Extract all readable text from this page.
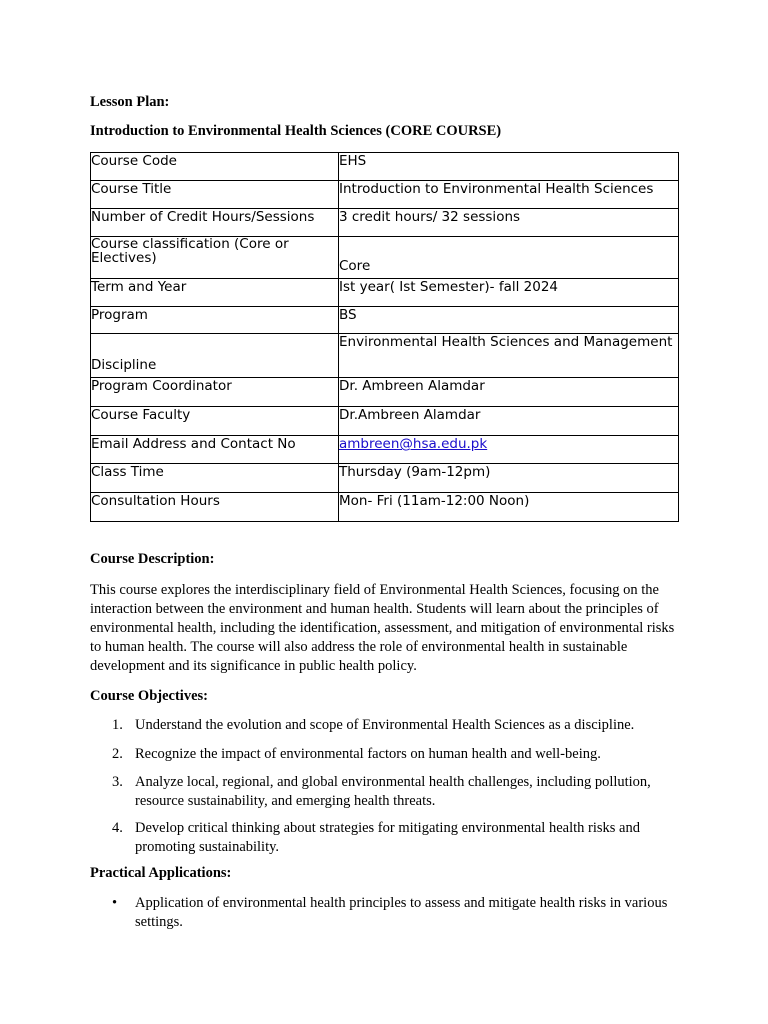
Lesson Plan:
Introduction to Environmental Health Sciences (CORE COURSE)
Course Code	EHS
Course Title	Introduction to Environmental Health Sciences
Number of Credit Hours/Sessions	3 credit hours/ 32 sessions
Course classification (Core or Electives)	Core
Term and Year	Ist year( Ist Semester)- fall 2024
Program	BS
Discipline	Environmental Health Sciences and Management
Program Coordinator	Dr. Ambreen Alamdar
Course Faculty	Dr.Ambreen Alamdar
Email Address and Contact No	ambreen@hsa.edu.pk
Class Time	Thursday (9am-12pm)
Consultation Hours	Mon- Fri (11am-12:00 Noon)
Course Description:
This course explores the interdisciplinary field of Environmental Health Sciences, focusing on the interaction between the environment and human health. Students will learn about the principles of environmental health, including the identification, assessment, and mitigation of environmental risks to human health. The course will also address the role of environmental health in sustainable development and its significance in public health policy.
Course Objectives:
1. Understand the evolution and scope of Environmental Health Sciences as a discipline.
2. Recognize the impact of environmental factors on human health and well-being.
3. Analyze local, regional, and global environmental health challenges, including pollution, resource sustainability, and emerging health threats.
4. Develop critical thinking about strategies for mitigating environmental health risks and promoting sustainability.
Practical Applications:
• Application of environmental health principles to assess and mitigate health risks in various settings.
